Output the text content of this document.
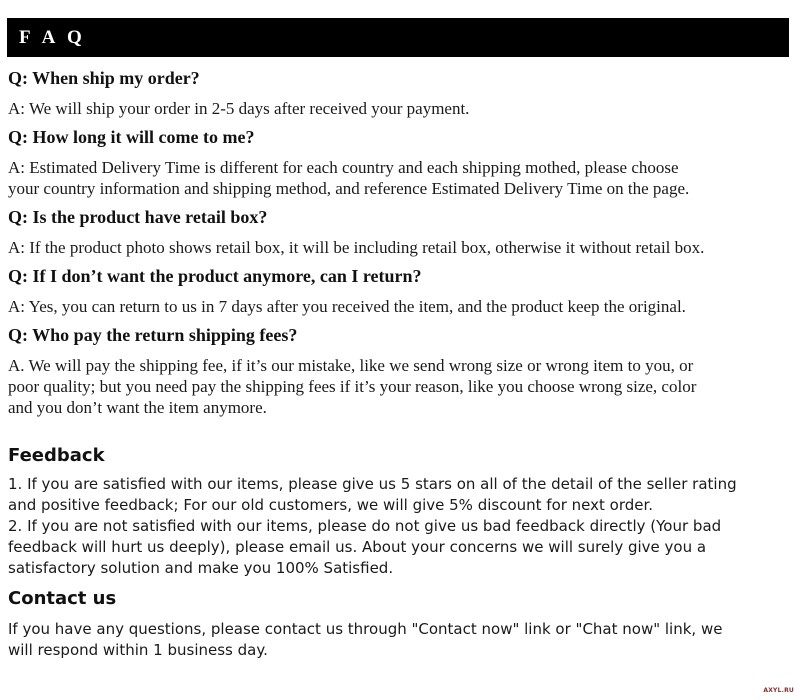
F A Q

Q: When ship my order?

A: We will ship your order in 2-5 days after received your payment.

Q: How long it will come to me?

A: Estimated Delivery Time is different for each country and each shipping mothed, please choose
your country information and shipping method, and reference Estimated Delivery Time on the page.

Q: Is the product have retail box?

A: If the product photo shows retail box, it will be including retail box, otherwise it without retail box.

Q: If I don’t want the product anymore, can I return?

A: Yes, you can return to us in 7 days after you received the item, and the product keep the original.

Q: Who pay the return shipping fees?

A. We will pay the shipping fee, if it’s our mistake, like we send wrong size or wrong item to you, or
poor quality; but you need pay the shipping fees if it’s your reason, like you choose wrong size, color
and you don’t want the item anymore.

Feedback

1. If you are satisfied with our items, please give us 5 stars on all of the detail of the seller rating
and positive feedback; For our old customers, we will give 5% discount for next order.
2. If you are not satisfied with our items, please do not give us bad feedback directly (Your bad
feedback will hurt us deeply), please email us. About your concerns we will surely give you a
satisfactory solution and make you 100% Satisfied.

Contact us

If you have any questions, please contact us through "Contact now" link or "Chat now" link, we
will respond within 1 business day.

AXYL.RU
